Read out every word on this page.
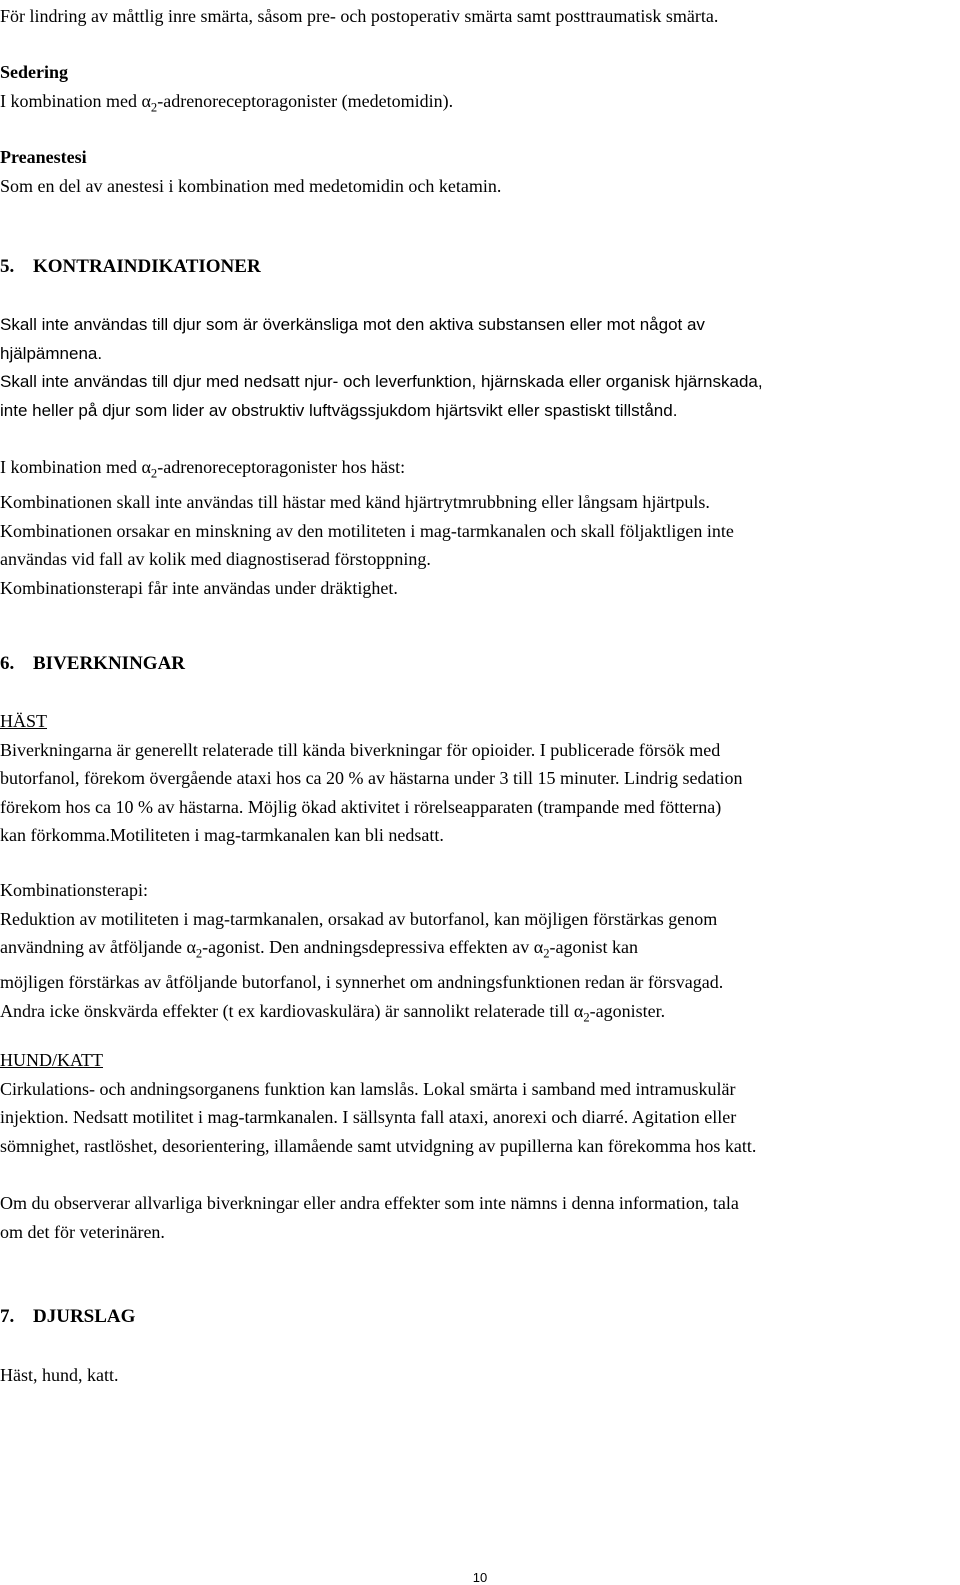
För lindring av måttlig inre smärta, såsom pre- och postoperativ smärta samt posttraumatisk smärta.
Sedering
I kombination med $\alpha_2$-adrenoreceptoragonister (medetomidin).
Preanestesi
Som en del av anestesi i kombination med medetomidin och ketamin.
5. KONTRAINDIKATIONER
Skall inte användas till djur som är överkänsliga mot den aktiva substansen eller mot något av
hjälpämnena.
Skall inte användas till djur med nedsatt njur- och leverfunktion, hjärnskada eller organisk hjärnskada,
inte heller på djur som lider av obstruktiv luftvägssjukdom hjärtsvikt eller spastiskt tillstånd.
I kombination med $\alpha_2$-adrenoreceptoragonister hos häst:
Kombinationen skall inte användas till hästar med känd hjärtrytmrubbning eller långsam hjärtpuls.
Kombinationen orsakar en minskning av den motiliteten i mag-tarmkanalen och skall följaktligen inte
användas vid fall av kolik med diagnostiserad förstoppning.
Kombinationsterapi får inte användas under dräktighet.
6. BIVERKNINGAR
HÄST
Biverkningarna är generellt relaterade till kända biverkningar för opioider. I publicerade försök med
butorfanol, förekom övergående ataxi hos ca 20 % av hästarna under 3 till 15 minuter. Lindrig sedation
förekom hos ca 10 % av hästarna. Möjlig ökad aktivitet i rörelseapparaten (trampande med fötterna)
kan förkomma.Motiliteten i mag-tarmkanalen kan bli nedsatt.
Kombinationsterapi:
Reduktion av motiliteten i mag-tarmkanalen, orsakad av butorfanol, kan möjligen förstärkas genom
användning av åtföljande $\alpha_2$-agonist. Den andningsdepressiva effekten av $\alpha_2$-agonist kan
möjligen förstärkas av åtföljande butorfanol, i synnerhet om andningsfunktionen redan är försvagad.
Andra icke önskvärda effekter (t ex kardiovaskulära) är sannolikt relaterade till $\alpha_2$-agonister.
HUND/KATT
Cirkulations- och andningsorganens funktion kan lamslås. Lokal smärta i samband med intramuskulär
injektion. Nedsatt motilitet i mag-tarmkanalen. I sällsynta fall ataxi, anorexi och diarré. Agitation eller
sömnighet, rastlöshet, desorientering, illamående samt utvidgning av pupillerna kan förekomma hos katt.
Om du observerar allvarliga biverkningar eller andra effekter som inte nämns i denna information, tala
om det för veterinären.
7. DJURSLAG
Häst, hund, katt.
10
